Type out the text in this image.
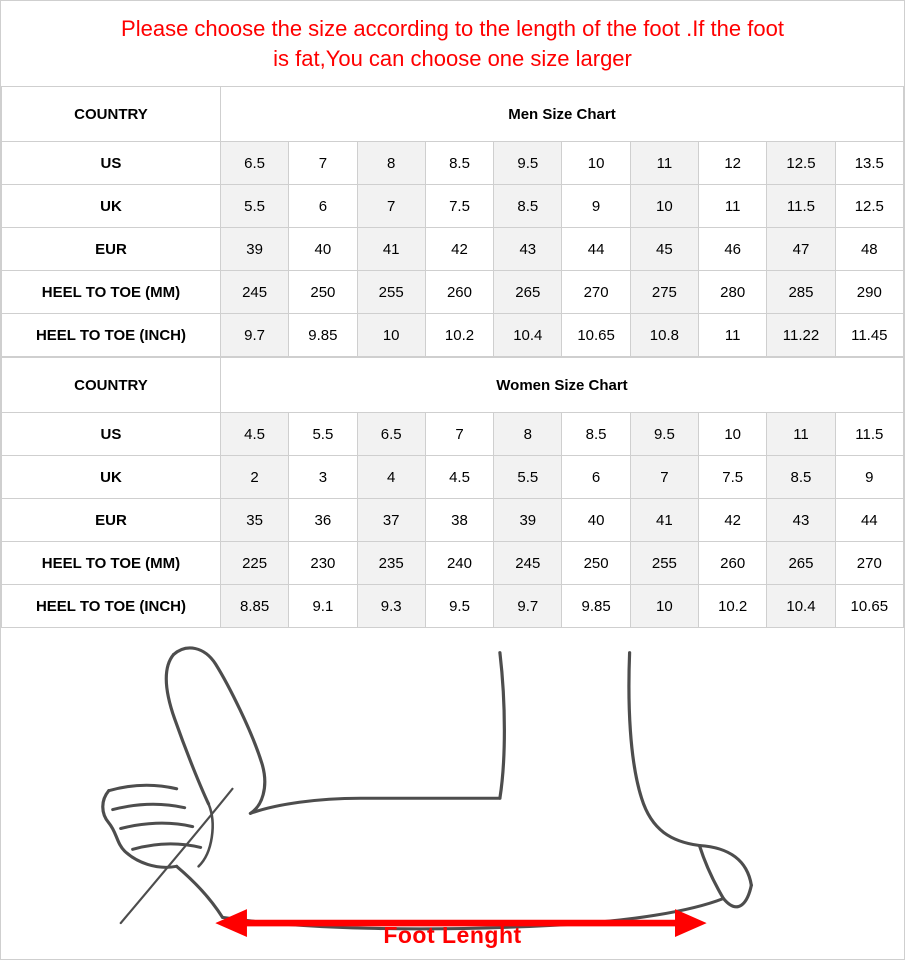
Please choose the size according to the length of the foot .If the foot
is fat,You can choose one size larger
COUNTRY	Men Size Chart									
US	6.5	7	8	8.5	9.5	10	11	12	12.5	13.5
UK	5.5	6	7	7.5	8.5	9	10	11	11.5	12.5
EUR	39	40	41	42	43	44	45	46	47	48
HEEL TO TOE (MM)	245	250	255	260	265	270	275	280	285	290
HEEL TO TOE (INCH)	9.7	9.85	10	10.2	10.4	10.65	10.8	11	11.22	11.45
COUNTRY	Women Size Chart									
US	4.5	5.5	6.5	7	8	8.5	9.5	10	11	11.5
UK	2	3	4	4.5	5.5	6	7	7.5	8.5	9
EUR	35	36	37	38	39	40	41	42	43	44
HEEL TO TOE (MM)	225	230	235	240	245	250	255	260	265	270
HEEL TO TOE (INCH)	8.85	9.1	9.3	9.5	9.7	9.85	10	10.2	10.4	10.65
Foot Lenght
